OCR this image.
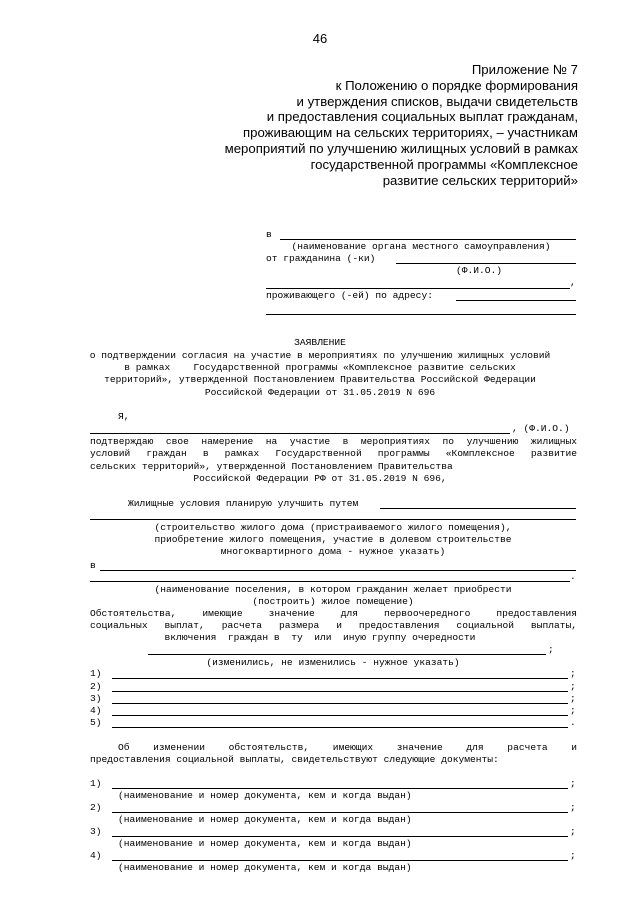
46
Приложение № 7
к Положению о порядке формирования
и утверждения списков, выдачи свидетельств
и предоставления социальных выплат гражданам,
проживающим на сельских территориях, – участникам
мероприятий по улучшению жилищных условий в рамках
государственной программы «Комплексное
развитие сельских территорий»
в
(наименование органа местного самоуправления)
от гражданина (-ки)
(Ф.И.О.)
,
проживающего (-ей) по адресу:
ЗАЯВЛЕНИЕ
о подтверждении согласия на участие в мероприятиях по улучшению жилищных условий
в рамках    Государственной программы «Комплексное развитие сельских
территорий», утвержденной Постановлением Правительства Российской Федерации
Российской Федерации от 31.05.2019 N 696
Я,
, (Ф.И.О.)
подтверждаю свое намерение на участие в мероприятиях по улучшению жилищных
условий граждан в рамках Государственной программы «Комплексное развитие
сельских территорий», утвержденной Постановлением Правительства
Российской Федерации РФ от 31.05.2019 N 696,
Жилищные условия планирую улучшить путем
(строительство жилого дома (пристраиваемого жилого помещения),
приобретение жилого помещения, участие в долевом строительстве
многоквартирного дома - нужное указать)
в
.
(наименование поселения, в котором гражданин желает приобрести
(построить) жилое помещение)
Обстоятельства, имеющие значение для первоочередного предоставления
социальных выплат, расчета размера и предоставления социальной выплаты,
включения  граждан в  ту  или  иную группу очередности
;
(изменились, не изменились - нужное указать)
1)	;
2)	;
3)	;
4)	;
5)	.
Об изменении обстоятельств, имеющих значение для расчета и
предоставления социальной выплаты, свидетельствуют следующие документы:
1)	;
(наименование и номер документа, кем и когда выдан)
2)	;
(наименование и номер документа, кем и когда выдан)
3)	;
(наименование и номер документа, кем и когда выдан)
4)	;
(наименование и номер документа, кем и когда выдан)
